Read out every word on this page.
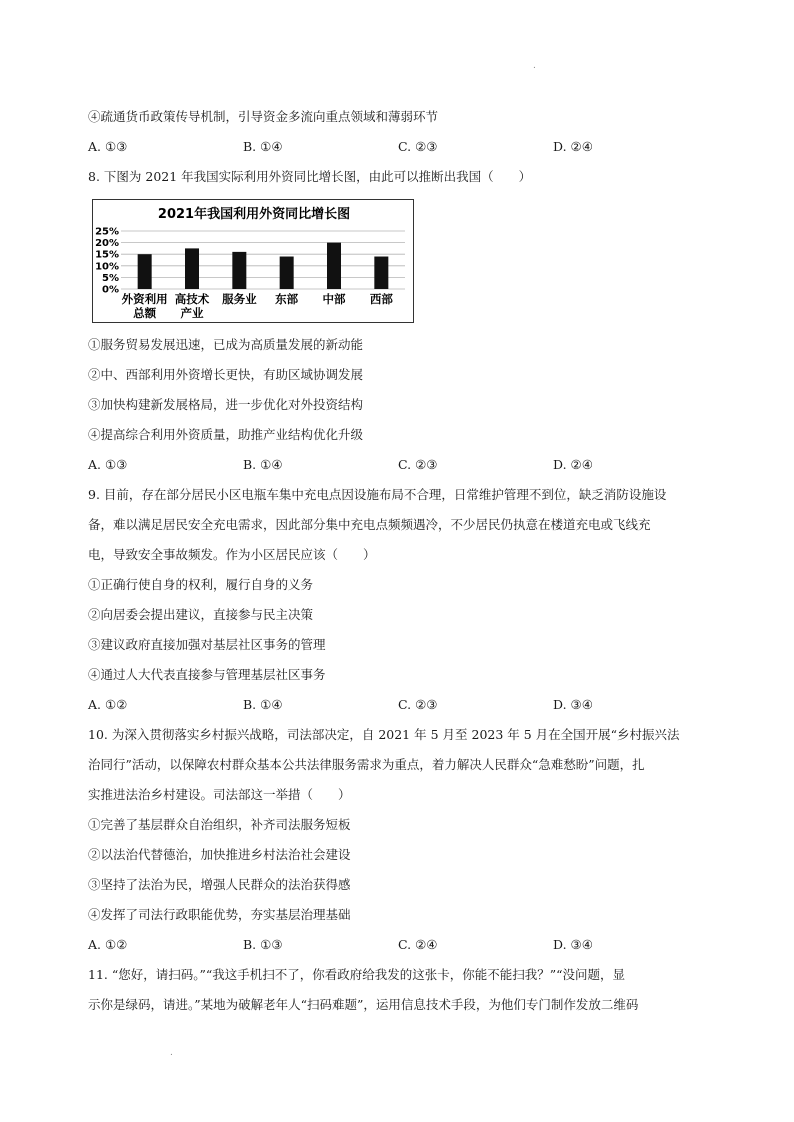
.
④疏通货币政策传导机制，引导资金多流向重点领域和薄弱环节
A. ①③	B. ①④	C. ②③	D. ②④
8. 下图为 2021 年我国实际利用外资同比增长图，由此可以推断出我国（　　）
2021年我国利用外资同比增长图
25%
20%
15%
10%
5%
0%
外资利用
总额
高技术
产业
服务业 东部 中部 西部
①服务贸易发展迅速，已成为高质量发展的新动能
②中、西部利用外资增长更快，有助区域协调发展
③加快构建新发展格局，进一步优化对外投资结构
④提高综合利用外资质量，助推产业结构优化升级
A. ①③	B. ①④	C. ②③	D. ②④
9. 目前，存在部分居民小区电瓶车集中充电点因设施布局不合理，日常维护管理不到位，缺乏消防设施设
备，难以满足居民安全充电需求，因此部分集中充电点频频遇冷，不少居民仍执意在楼道充电或飞线充
电，导致安全事故频发。作为小区居民应该（　　）
①正确行使自身的权利，履行自身的义务
②向居委会提出建议，直接参与民主决策
③建议政府直接加强对基层社区事务的管理
④通过人大代表直接参与管理基层社区事务
A. ①②	B. ①④	C. ②③	D. ③④
10. 为深入贯彻落实乡村振兴战略，司法部决定，自 2021 年 5 月至 2023 年 5 月在全国开展“乡村振兴法
治同行”活动，以保障农村群众基本公共法律服务需求为重点，着力解决人民群众“急难愁盼”问题，扎
实推进法治乡村建设。司法部这一举措（　　）
①完善了基层群众自治组织，补齐司法服务短板
②以法治代替德治，加快推进乡村法治社会建设
③坚持了法治为民，增强人民群众的法治获得感
④发挥了司法行政职能优势，夯实基层治理基础
A. ①②	B. ①③	C. ②④	D. ③④
11. “您好，请扫码。”“我这手机扫不了，你看政府给我发的这张卡，你能不能扫我？”“没问题，显
示你是绿码，请进。”某地为破解老年人“扫码难题”，运用信息技术手段，为他们专门制作发放二维码
.
